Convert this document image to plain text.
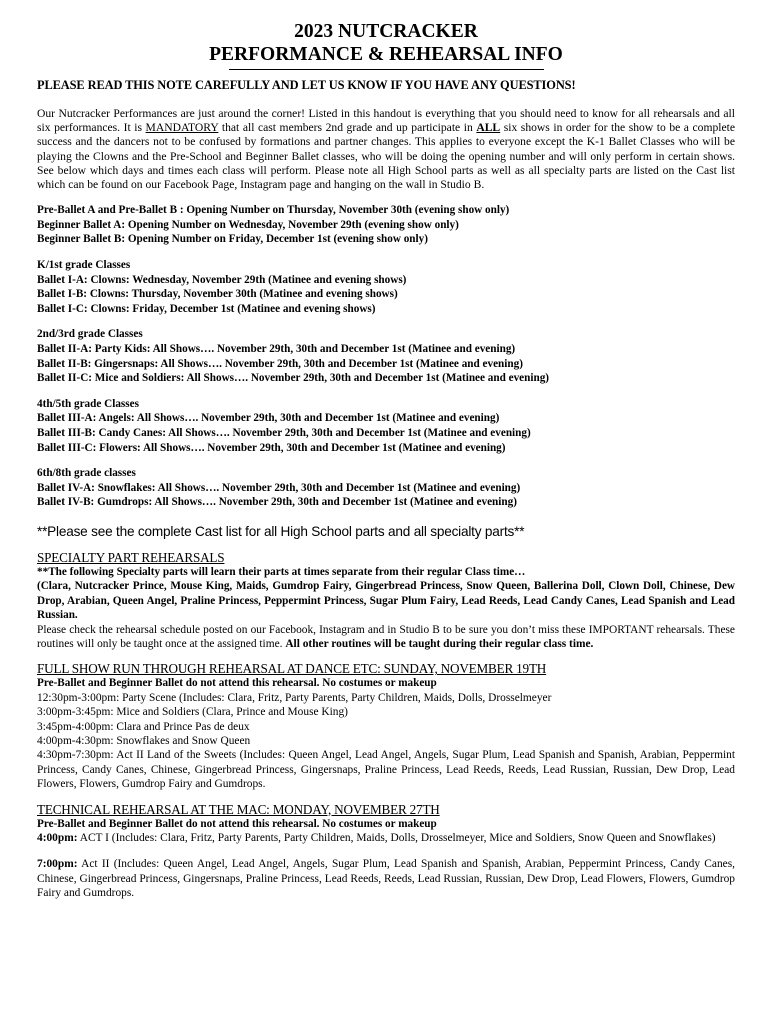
2023 NUTCRACKER
PERFORMANCE & REHEARSAL INFO
PLEASE READ THIS NOTE CAREFULLY AND LET US KNOW IF YOU HAVE ANY QUESTIONS!

Our Nutcracker Performances are just around the corner! Listed in this handout is everything that you should need to know for all rehearsals and all six performances. It is MANDATORY that all cast members 2nd grade and up participate in ALL six shows in order for the show to be a complete success and the dancers not to be confused by formations and partner changes. This applies to everyone except the K-1 Ballet Classes who will be playing the Clowns and the Pre-School and Beginner Ballet classes, who will be doing the opening number and will only perform in certain shows. See below which days and times each class will perform. Please note all High School parts as well as all specialty parts are listed on the Cast list which can be found on our Facebook Page, Instagram page and hanging on the wall in Studio B.

Pre-Ballet A and Pre-Ballet B : Opening Number on Thursday, November 30th (evening show only)
Beginner Ballet A: Opening Number on Wednesday, November 29th (evening show only)
Beginner Ballet B: Opening Number on Friday, December 1st (evening show only)
K/1st grade Classes
Ballet I-A: Clowns: Wednesday, November 29th (Matinee and evening shows)
Ballet I-B: Clowns: Thursday, November 30th (Matinee and evening shows)
Ballet I-C: Clowns: Friday, December 1st (Matinee and evening shows)
2nd/3rd grade Classes
Ballet II-A: Party Kids: All Shows…. November 29th, 30th and December 1st (Matinee and evening)
Ballet II-B: Gingersnaps: All Shows…. November 29th, 30th and December 1st (Matinee and evening)
Ballet II-C: Mice and Soldiers: All Shows…. November 29th, 30th and December 1st (Matinee and evening)
4th/5th grade Classes
Ballet III-A: Angels: All Shows…. November 29th, 30th and December 1st (Matinee and evening)
Ballet III-B: Candy Canes: All Shows…. November 29th, 30th and December 1st (Matinee and evening)
Ballet III-C: Flowers: All Shows…. November 29th, 30th and December 1st (Matinee and evening)
6th/8th grade classes
Ballet IV-A: Snowflakes: All Shows…. November 29th, 30th and December 1st (Matinee and evening)
Ballet IV-B: Gumdrops: All Shows…. November 29th, 30th and December 1st (Matinee and evening)
**Please see the complete Cast list for all High School parts and all specialty parts**
SPECIALTY PART REHEARSALS
**The following Specialty parts will learn their parts at times separate from their regular Class time…
(Clara, Nutcracker Prince, Mouse King, Maids, Gumdrop Fairy, Gingerbread Princess, Snow Queen, Ballerina Doll, Clown Doll, Chinese, Dew Drop, Arabian, Queen Angel, Praline Princess, Peppermint Princess, Sugar Plum Fairy, Lead Reeds, Lead Candy Canes, Lead Spanish and Lead Russian.
Please check the rehearsal schedule posted on our Facebook, Instagram and in Studio B to be sure you don’t miss these IMPORTANT rehearsals. These routines will only be taught once at the assigned time. All other routines will be taught during their regular class time.
FULL SHOW RUN THROUGH REHEARSAL AT DANCE ETC: SUNDAY, NOVEMBER 19TH
Pre-Ballet and Beginner Ballet do not attend this rehearsal. No costumes or makeup
12:30pm-3:00pm: Party Scene (Includes: Clara, Fritz, Party Parents, Party Children, Maids, Dolls, Drosselmeyer
3:00pm-3:45pm: Mice and Soldiers (Clara, Prince and Mouse King)
3:45pm-4:00pm: Clara and Prince Pas de deux
4:00pm-4:30pm: Snowflakes and Snow Queen
4:30pm-7:30pm: Act II Land of the Sweets (Includes: Queen Angel, Lead Angel, Angels, Sugar Plum, Lead Spanish and Spanish, Arabian, Peppermint Princess, Candy Canes, Chinese, Gingerbread Princess, Gingersnaps, Praline Princess, Lead Reeds, Reeds, Lead Russian, Russian, Dew Drop, Lead Flowers, Flowers, Gumdrop Fairy and Gumdrops.
TECHNICAL REHEARSAL AT THE MAC: MONDAY, NOVEMBER 27TH
Pre-Ballet and Beginner Ballet do not attend this rehearsal. No costumes or makeup
4:00pm: ACT I (Includes: Clara, Fritz, Party Parents, Party Children, Maids, Dolls, Drosselmeyer, Mice and Soldiers, Snow Queen and Snowflakes)
7:00pm: Act II (Includes: Queen Angel, Lead Angel, Angels, Sugar Plum, Lead Spanish and Spanish, Arabian, Peppermint Princess, Candy Canes, Chinese, Gingerbread Princess, Gingersnaps, Praline Princess, Lead Reeds, Reeds, Lead Russian, Russian, Dew Drop, Lead Flowers, Flowers, Gumdrop Fairy and Gumdrops.
